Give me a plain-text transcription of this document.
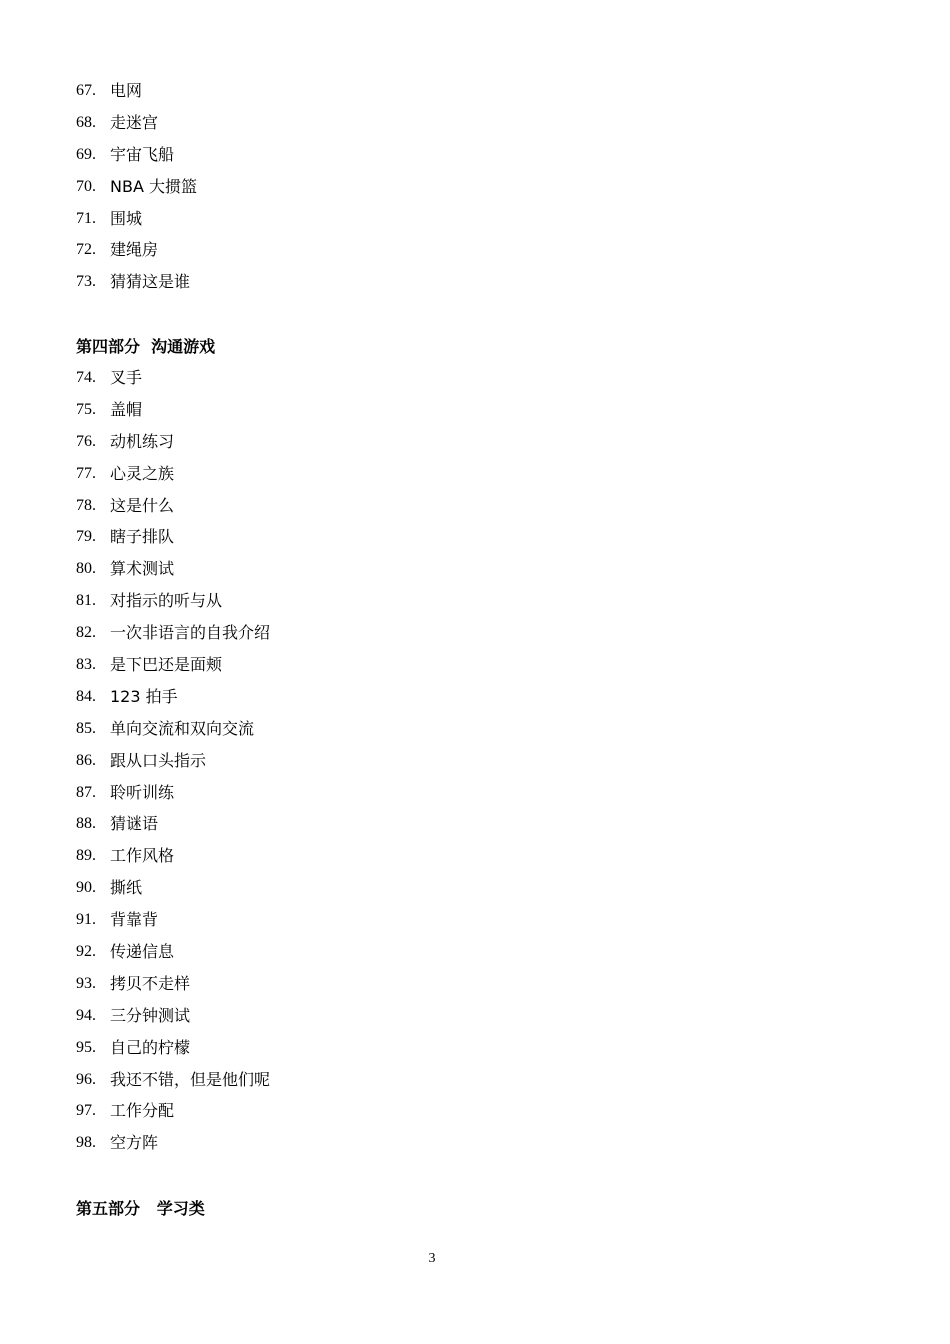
67. 电网
68. 走迷宫
69. 宇宙飞船
70. NBA 大掼篮
71. 围城
72. 建绳房
73. 猜猜这是谁
第四部分  沟通游戏
74. 叉手
75. 盖帽
76. 动机练习
77. 心灵之族
78. 这是什么
79. 瞎子排队
80. 算术测试
81. 对指示的听与从
82. 一次非语言的自我介绍
83. 是下巴还是面颊
84. 123 拍手
85. 单向交流和双向交流
86. 跟从口头指示
87. 聆听训练
88. 猜谜语
89. 工作风格
90. 撕纸
91. 背靠背
92. 传递信息
93. 拷贝不走样
94. 三分钟测试
95. 自己的柠檬
96. 我还不错，但是他们呢
97. 工作分配
98. 空方阵
第五部分   学习类
3
